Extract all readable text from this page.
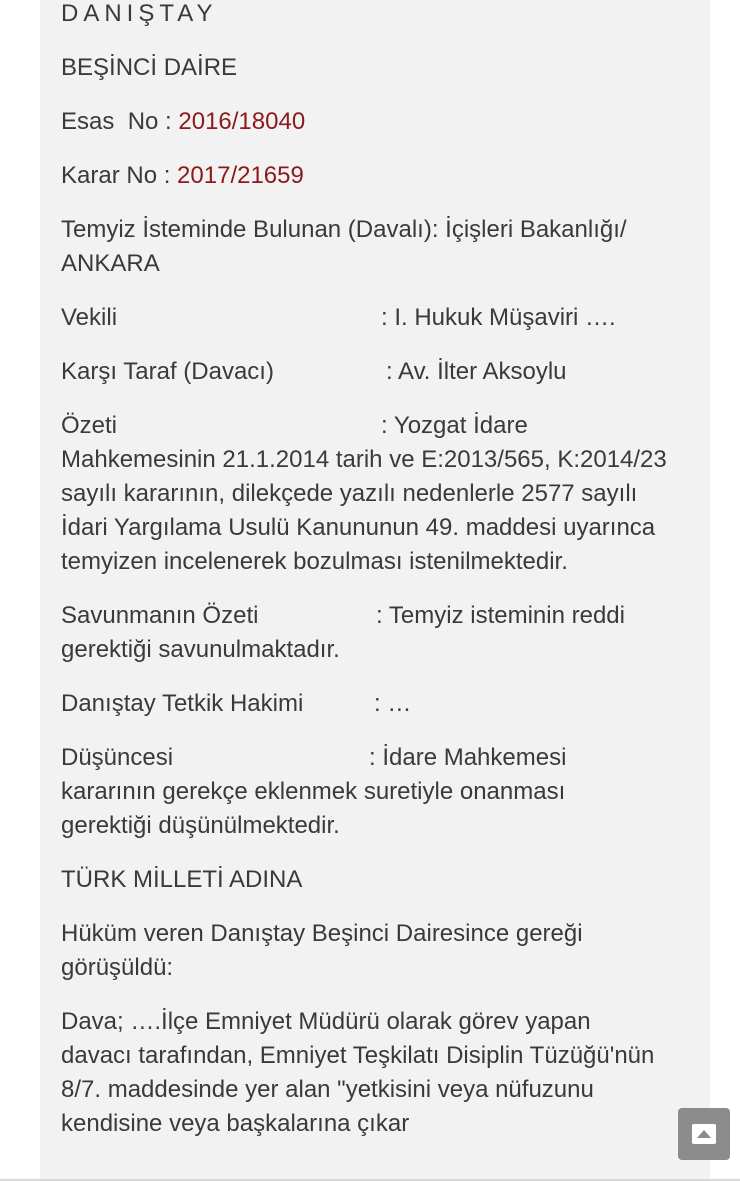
DANIŞTAY

BEŞİNCİ DAİRE

Esas  No : 2016/18040

Karar No : 2017/21659

Temyiz İsteminde Bulunan (Davalı): İçişleri Bakanlığı/ ANKARA

Vekili	: I. Hukuk Müşaviri ….

Karşı Taraf (Davacı)	: Av. İlter Aksoylu

Özeti	: Yozgat İdare
Mahkemesinin 21.1.2014 tarih ve E:2013/565, K:2014/23 sayılı kararının, dilekçede yazılı nedenlerle 2577 sayılı İdari Yargılama Usulü Kanununun 49. maddesi uyarınca temyizen incelenerek bozulması istenilmektedir.

Savunmanın Özeti	: Temyiz isteminin reddi
gerektiği savunulmaktadır.

Danıştay Tetkik Hakimi	: …

Düşüncesi	: İdare Mahkemesi
kararının gerekçe eklenmek suretiyle onanması gerektiği düşünülmektedir.

TÜRK MİLLETİ ADINA

Hüküm veren Danıştay Beşinci Dairesince gereği görüşüldü:

Dava; ….İlçe Emniyet Müdürü olarak görev yapan davacı tarafından, Emniyet Teşkilatı Disiplin Tüzüğü'nün 8/7. maddesinde yer alan "yetkisini veya nüfuzunu kendisine veya başkalarına çıkar
